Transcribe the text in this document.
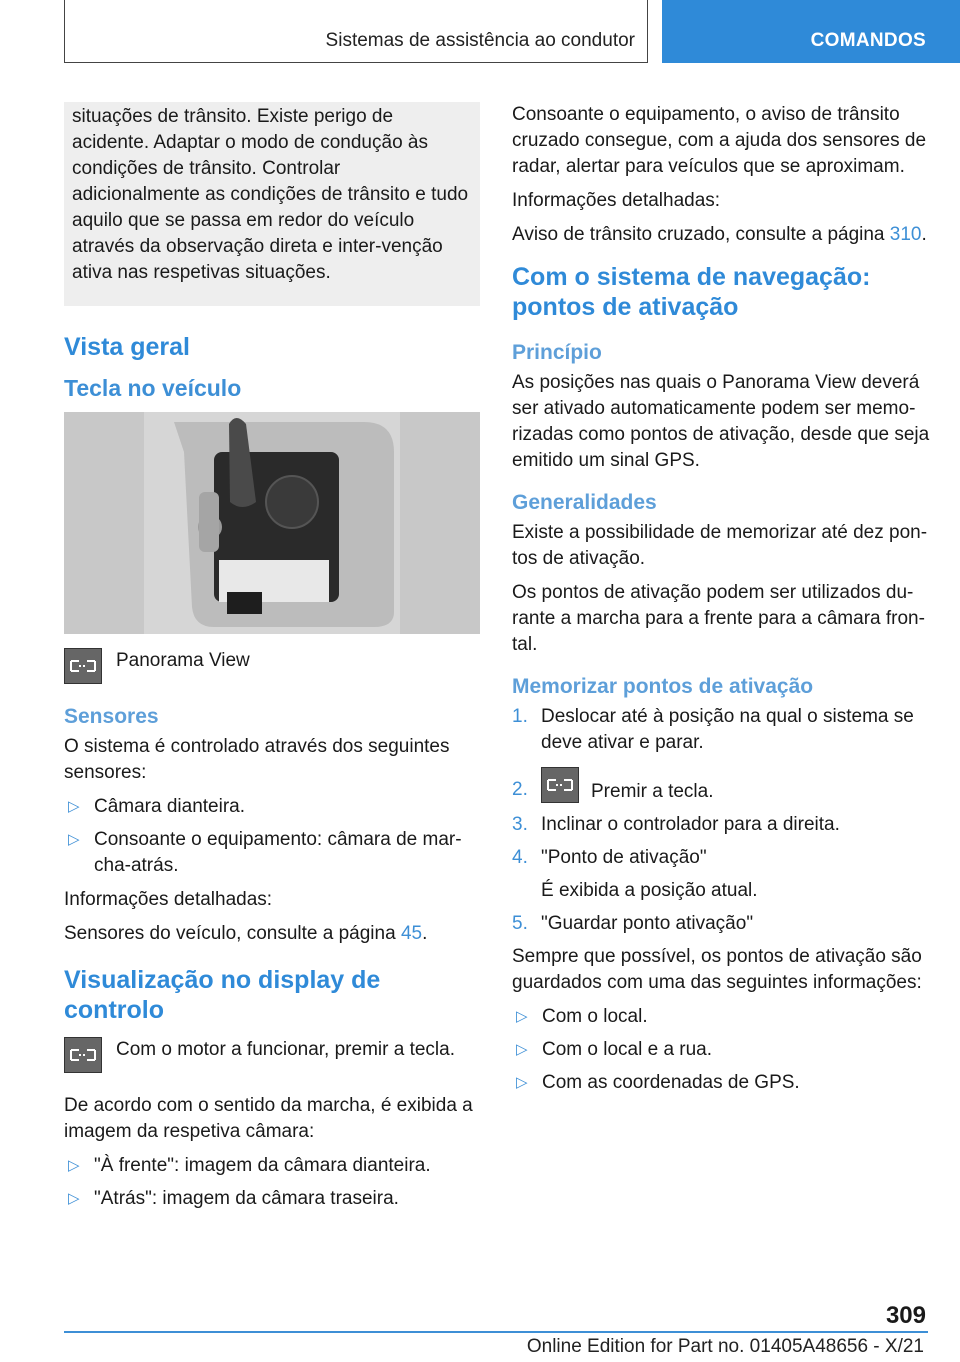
Sistemas de assistência ao condutor	COMANDOS

situações de trânsito. Existe perigo de acidente. Adaptar o modo de condução às condições de trânsito. Controlar adicionalmente as condições de trânsito e tudo aquilo que se passa em redor do veículo através da observação direta e inter-venção ativa nas respetivas situações.

Vista geral
Tecla no veículo

Panorama View

Sensores

O sistema é controlado através dos seguintes sensores:

▷ Câmara dianteira.
▷ Consoante o equipamento: câmara de mar-cha-atrás.

Informações detalhadas:

Sensores do veículo, consulte a página 45.

Visualização no display de controlo

Com o motor a funcionar, premir a tecla.

De acordo com o sentido da marcha, é exibida a imagem da respetiva câmara:

▷ "À frente": imagem da câmara dianteira.
▷ "Atrás": imagem da câmara traseira.

Consoante o equipamento, o aviso de trânsito cruzado consegue, com a ajuda dos sensores de radar, alertar para veículos que se aproximam.

Informações detalhadas:

Aviso de trânsito cruzado, consulte a página 310.

Com o sistema de navegação: pontos de ativação
Princípio

As posições nas quais o Panorama View deverá ser ativado automaticamente podem ser memo-rizadas como pontos de ativação, desde que seja emitido um sinal GPS.

Generalidades

Existe a possibilidade de memorizar até dez pon-tos de ativação.

Os pontos de ativação podem ser utilizados du-rante a marcha para a frente para a câmara fron-tal.

Memorizar pontos de ativação
1. Deslocar até à posição na qual o sistema se deve ativar e parar.
2.	Premir a tecla.
3. Inclinar o controlador para a direita.
4. "Ponto de ativação"
É exibida a posição atual.
5. "Guardar ponto ativação"

Sempre que possível, os pontos de ativação são guardados com uma das seguintes informações:

▷ Com o local.
▷ Com o local e a rua.
▷ Com as coordenadas de GPS.
309
Online Edition for Part no. 01405A48656 - X/21
